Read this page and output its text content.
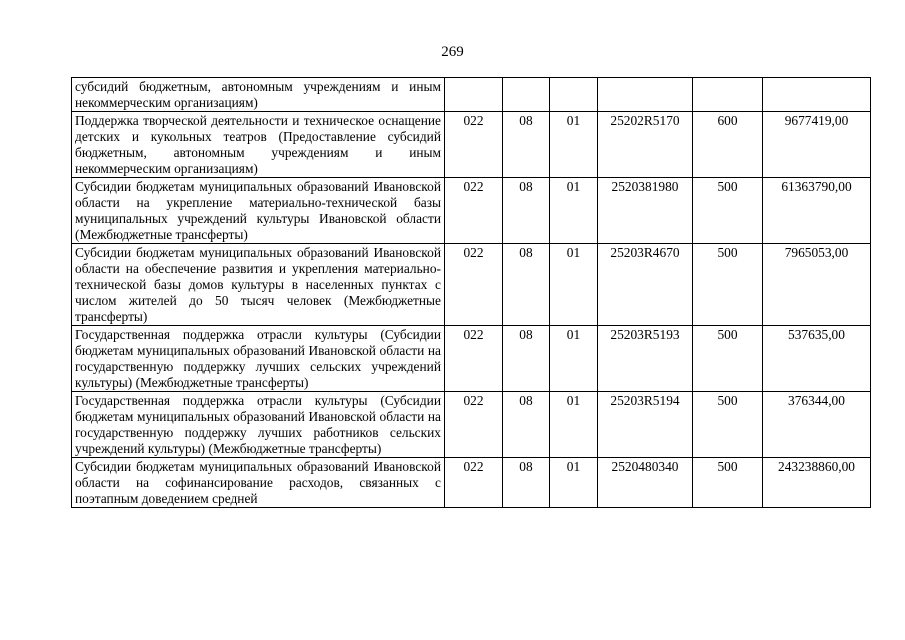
269
субсидий бюджетным, автономным учреждениям и иным некоммерческим организациям)						
Поддержка творческой деятельности и техническое оснащение детских и кукольных театров (Предоставление субсидий бюджетным, автономным учреждениям и иным некоммерческим организациям)	022	08	01	25202R5170	600	9677419,00
Субсидии бюджетам муниципальных образований Ивановской области на укрепление материально-технической базы муниципальных учреждений культуры Ивановской области (Межбюджетные трансферты)	022	08	01	2520381980	500	61363790,00
Субсидии бюджетам муниципальных образований Ивановской области на обеспечение развития и укрепления материально-технической базы домов культуры в населенных пунктах с числом жителей до 50 тысяч человек (Межбюджетные трансферты)	022	08	01	25203R4670	500	7965053,00
Государственная поддержка отрасли культуры (Субсидии бюджетам муниципальных образований Ивановской области на государственную поддержку лучших сельских учреждений культуры) (Межбюджетные трансферты)	022	08	01	25203R5193	500	537635,00
Государственная поддержка отрасли культуры (Субсидии бюджетам муниципальных образований Ивановской области на государственную поддержку лучших работников сельских учреждений культуры) (Межбюджетные трансферты)	022	08	01	25203R5194	500	376344,00
Субсидии бюджетам муниципальных образований Ивановской области на софинансирование расходов, связанных с поэтапным доведением средней	022	08	01	2520480340	500	243238860,00
